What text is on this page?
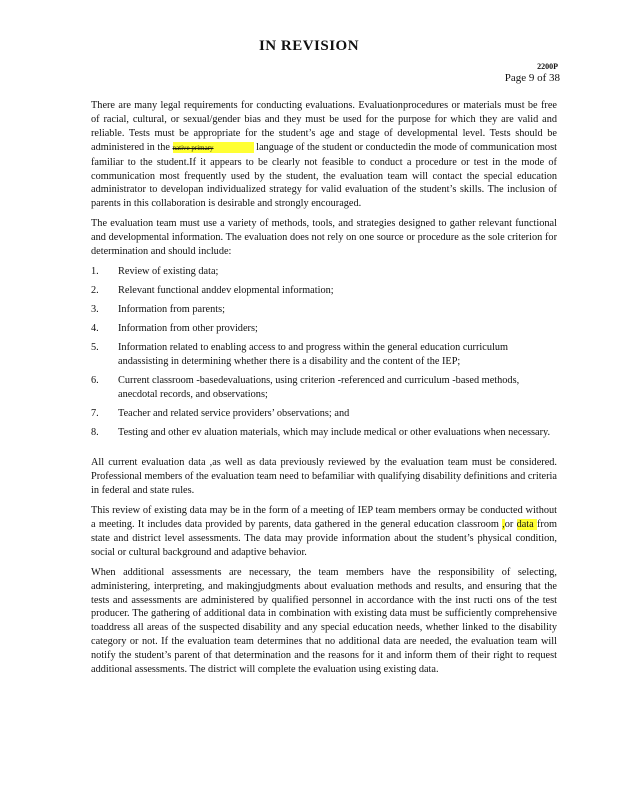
IN REVISION
2200P
Page 9 of 38

There are many legal requirements for conducting evaluations. Evaluationprocedures or materials must be free of racial, cultural, or sexual/gender bias and they must be used for the purpose for which they are valid and reliable. Tests must be appropriate for the student’s age and stage of developmental level. Tests should be administered in the native primary	language of the student or conductedin the mode of communication most familiar to the student.If it appears to be clearly not feasible to conduct a procedure or test in the mode of communication most frequently used by the student, the evaluation team will contact the special education administrator to developan individualized strategy for valid evaluation of the student’s skills. The inclusion of parents in this collaboration is desirable and strongly encouraged.

The evaluation team must use a variety of methods, tools, and strategies designed to gather relevant functional and developmental information. The evaluation does not rely on one source or procedure as the sole criterion for determination and should include:

1. Review of existing data;
2. Relevant functional anddev elopmental information;
3. Information from parents;
4. Information from other providers;
5. Information related to enabling access to and progress within the general education curriculum andassisting in determining whether there is a disability and the content of the IEP;
6. Current classroom -basedevaluations, using criterion -referenced and curriculum -based methods, anecdotal records, and observations;
7. Teacher and related service providers’ observations; and
8. Testing and other ev aluation materials, which may include medical or other evaluations when necessary.

All current evaluation data ,as well as data previously reviewed by the evaluation team must be considered. Professional members of the evaluation team need to befamiliar with qualifying disability definitions and criteria in federal and state rules.

This review of existing data may be in the form of a meeting of IEP team members ormay be conducted without a meeting. It includes data provided by parents, data gathered in the general education classroom ,or data from state and district level assessments. The data may provide information about the student’s physical condition, social or cultural background and adaptive behavior.

When additional assessments are necessary, the team members have the responsibility of selecting, administering, interpreting, and makingjudgments about evaluation methods and results, and ensuring that the tests and assessments are administered by qualified personnel in accordance with the inst ructi ons of the test producer. The gathering of additional data in combination with existing data must be sufficiently comprehensive toaddress all areas of the suspected disability and any special education needs, whether linked to the disability category or not. If the evaluation team determines that no additional data are needed, the evaluation team will notify the student’s parent of that determination and the reasons for it and inform them of their right to request additional assessments. The district will complete the evaluation using existing data.
